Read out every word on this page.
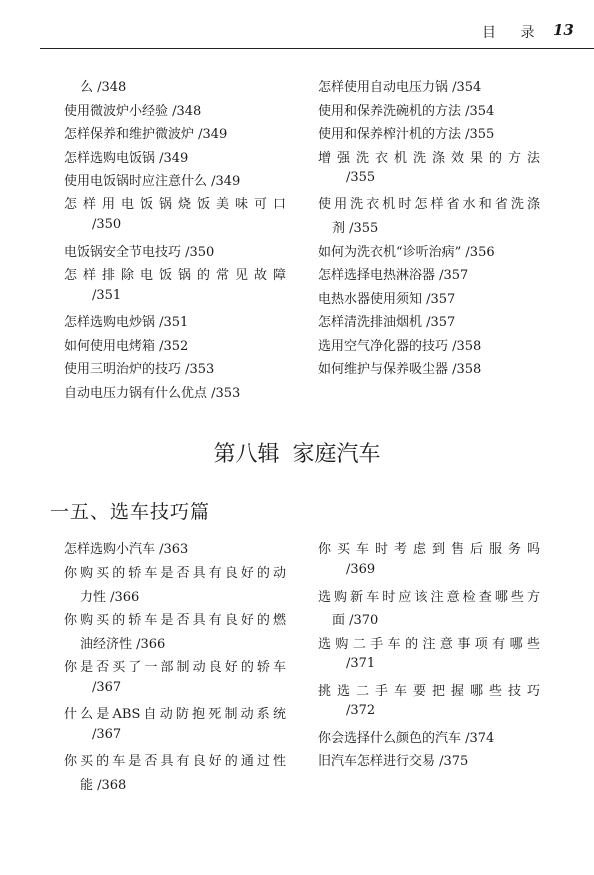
目 录 13
么 /348
使用微波炉小经验 /348
怎样保养和维护微波炉 /349
怎样选购电饭锅 /349
使用电饭锅时应注意什么 /349
怎样用电饭锅烧饭美味可口
/350
电饭锅安全节电技巧 /350
怎样排除电饭锅的常见故障
/351
怎样选购电炒锅 /351
如何使用电烤箱 /352
使用三明治炉的技巧 /353
自动电压力锅有什么优点 /353
怎样使用自动电压力锅 /354
使用和保养洗碗机的方法 /354
使用和保养榨汁机的方法 /355
增强洗衣机洗涤效果的方法
/355
使用洗衣机时怎样省水和省洗涤
剂 /355
如何为洗衣机“诊听治病” /356
怎样选择电热淋浴器 /357
电热水器使用须知 /357
怎样清洗排油烟机 /357
选用空气净化器的技巧 /358
如何维护与保养吸尘器 /358
第八辑 家庭汽车
一五、选车技巧篇
怎样选购小汽车 /363
你购买的轿车是否具有良好的动
力性 /366
你购买的轿车是否具有良好的燃
油经济性 /366
你是否买了一部制动良好的轿车
/367
什么是ABS自动防抱死制动系统
/367
你买的车是否具有良好的通过性
能 /368
你买车时考虑到售后服务吗
/369
选购新车时应该注意检查哪些方
面 /370
选购二手车的注意事项有哪些
/371
挑选二手车要把握哪些技巧
/372
你会选择什么颜色的汽车 /374
旧汽车怎样进行交易 /375
